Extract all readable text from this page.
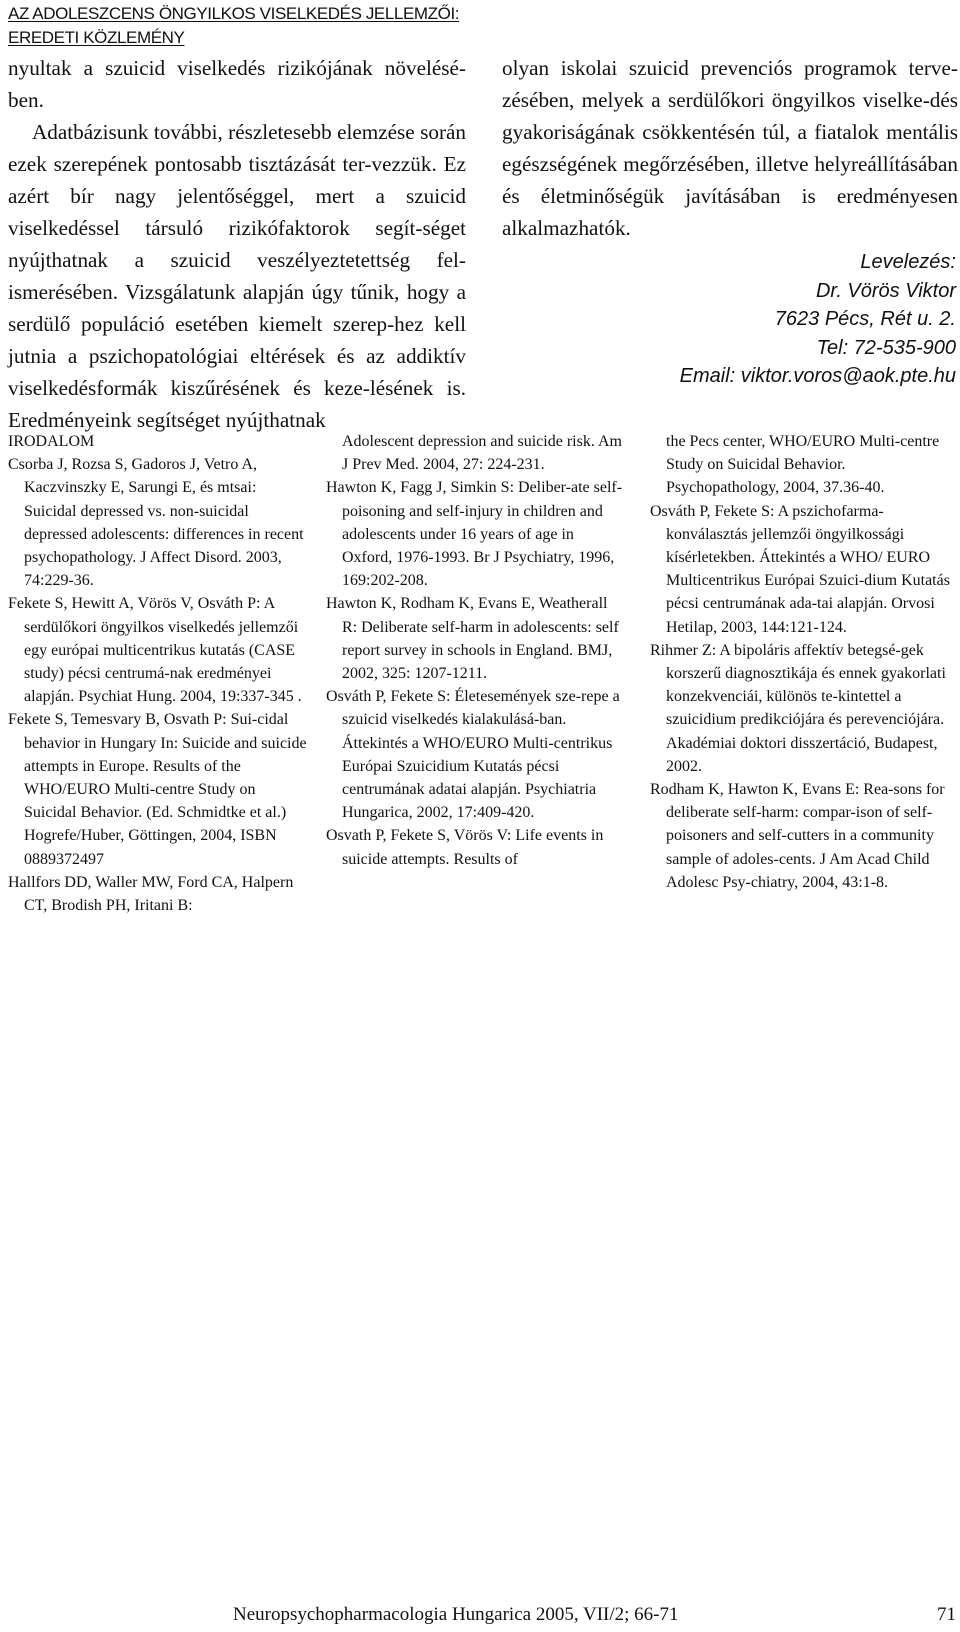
AZ ADOLESZCENS ÖNGYILKOS VISELKEDÉS JELLEMZŐI:
EREDETI KÖZLEMÉNY

nyultak a szuicid viselkedés rizikójának növelésé-ben.

Adatbázisunk további, részletesebb elemzése során ezek szerepének pontosabb tisztázását ter-vezzük. Ez azért bír nagy jelentőséggel, mert a szuicid viselkedéssel társuló rizikófaktorok segít-séget nyújthatnak a szuicid veszélyeztetettség fel-ismerésében. Vizsgálatunk alapján úgy tűnik, hogy a serdülő populáció esetében kiemelt szerep-hez kell jutnia a pszichopatológiai eltérések és az addiktív viselkedésformák kiszűrésének és keze-lésének is. Eredményeink segítséget nyújthatnak

olyan iskolai szuicid prevenciós programok terve-zésében, melyek a serdülőkori öngyilkos viselke-dés gyakoriságának csökkentésén túl, a fiatalok mentális egészségének megőrzésében, illetve helyreállításában és életminőségük javításában is eredményesen alkalmazhatók.

Levelezés:
Dr. Vörös Viktor
7623 Pécs, Rét u. 2.
Tel: 72-535-900
Email: viktor.voros@aok.pte.hu

IRODALOM

Csorba J, Rozsa S, Gadoros J, Vetro A, Kaczvinszky E, Sarungi E, és mtsai: Suicidal depressed vs. non-suicidal depressed adolescents: differences in recent psychopathology. J Affect Disord. 2003, 74:229-36.

Fekete S, Hewitt A, Vörös V, Osváth P: A serdülőkori öngyilkos viselkedés jellemzői egy európai multicentrikus kutatás (CASE study) pécsi centrumá-nak eredményei alapján. Psychiat Hung. 2004, 19:337-345 .

Fekete S, Temesvary B, Osvath P: Sui-cidal behavior in Hungary In: Suicide and suicide attempts in Europe. Results of the WHO/EURO Multi-centre Study on Suicidal Behavior. (Ed. Schmidtke et al.) Hogrefe/Huber, Göttingen, 2004, ISBN 0889372497

Hallfors DD, Waller MW, Ford CA, Halpern CT, Brodish PH, Iritani B:

Adolescent depression and suicide risk. Am J Prev Med. 2004, 27: 224-231.

Hawton K, Fagg J, Simkin S: Deliber-ate self-poisoning and self-injury in children and adolescents under 16 years of age in Oxford, 1976-1993. Br J Psychiatry, 1996, 169:202-208.

Hawton K, Rodham K, Evans E, Weatherall R: Deliberate self-harm in adolescents: self report survey in schools in England. BMJ, 2002, 325: 1207-1211.

Osváth P, Fekete S: Életesemények sze-repe a szuicid viselkedés kialakulásá-ban. Áttekintés a WHO/EURO Multi-centrikus Európai Szuicidium Kutatás pécsi centrumának adatai alapján. Psychiatria Hungarica, 2002, 17:409-420.

Osvath P, Fekete S, Vörös V: Life events in suicide attempts. Results of

the Pecs center, WHO/EURO Multi-centre Study on Suicidal Behavior. Psychopathology, 2004, 37.36-40.

Osváth P, Fekete S: A pszichofarma-konválasztás jellemzői öngyilkossági kísérletekben. Áttekintés a WHO/ EURO Multicentrikus Európai Szuici-dium Kutatás pécsi centrumának ada-tai alapján. Orvosi Hetilap, 2003, 144:121-124.

Rihmer Z: A bipoláris affektív betegsé-gek korszerű diagnosztikája és ennek gyakorlati konzekvenciái, különös te-kintettel a szuicidium predikciójára és perevenciójára. Akadémiai doktori disszertáció, Budapest, 2002.

Rodham K, Hawton K, Evans E: Rea-sons for deliberate self-harm: compar-ison of self-poisoners and self-cutters in a community sample of adoles-cents. J Am Acad Child Adolesc Psy-chiatry, 2004, 43:1-8.

Neuropsychopharmacologia Hungarica 2005, VII/2; 66-71	71
